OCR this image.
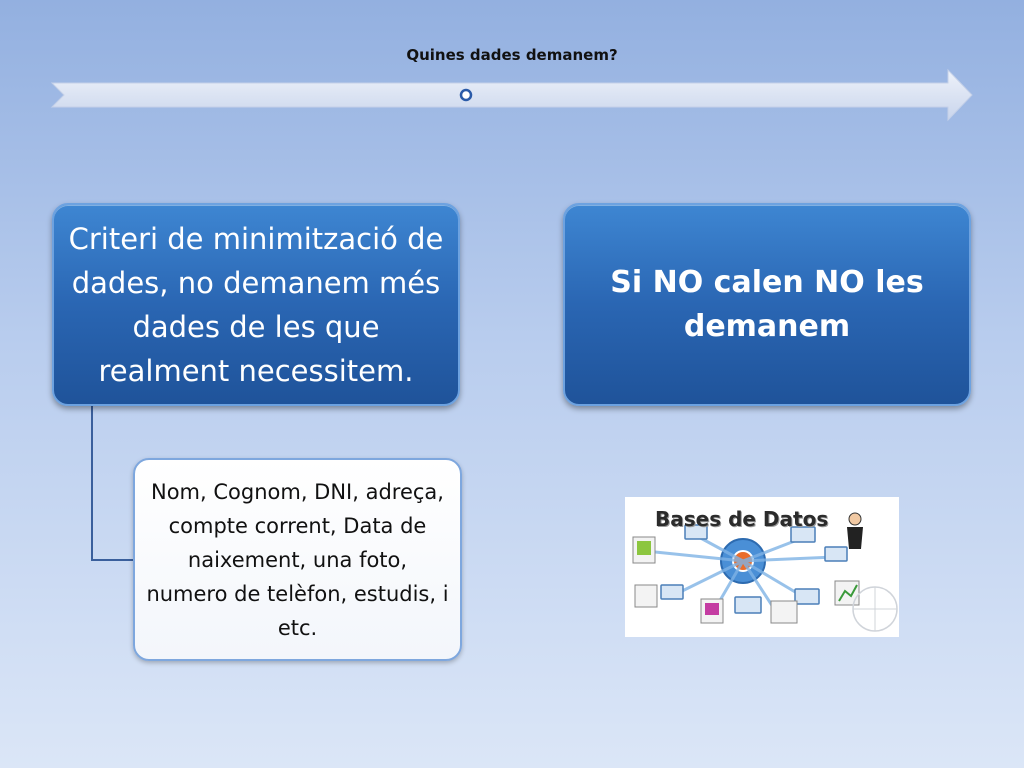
Quines dades demanem?
Criteri de minimització de dades, no demanem més dades de les que realment necessitem.
Si NO calen NO les demanem
Nom, Cognom, DNI, adreça, compte corrent, Data de naixement, una foto, numero de telèfon, estudis, i etc.
Bases de Datos
